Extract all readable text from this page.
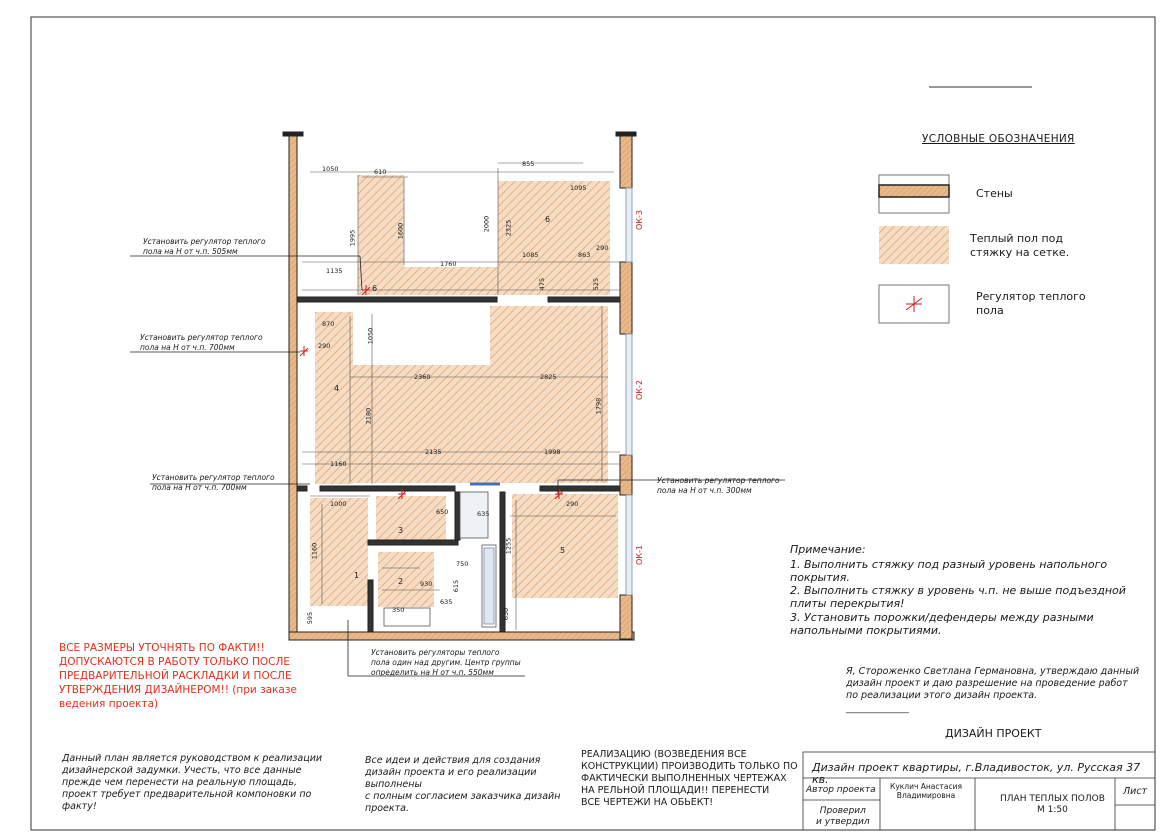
УСЛОВНЫЕ ОБОЗНАЧЕНИЯ
Стены
Теплый пол под
стяжку на сетке.
Регулятор теплого
пола
ОК-3
ОК-2
ОК-1
1050	610
855
1095
1995	1600	2000	2325
1760
1085	863
290
1135
525
475
870
290
1050
2360	2825
1798
2180
1160
2135	1998
1000
650	635
1160
750
930	615
635
1255
630
595
290
350
6
6
4
3
2
1
5
Установить регулятор теплого
пола на Н от ч.п. 505мм
Установить регулятор теплого
пола на Н от ч.п. 700мм
Установить регулятор теплого
пола на Н от ч.п. 700мм
Установить регулятор теплого
пола на Н от ч.п. 300мм
Установить регуляторы теплого
пола один над другим. Центр группы
определить на Н от ч.п. 550мм
Примечание:
1. Выполнить стяжку под разный уровень напольного
покрытия.
2. Выполнить стяжку в уровень ч.п. не выше подъездной
плиты перекрытия!
3. Установить порожки/дефендеры между разными
напольными покрытиями.
Я, Стороженко Светлана Германовна, утверждаю данный
дизайн проект и даю разрешение на проведение работ
по реализации этого дизайн проекта.
______________
ВСЕ РАЗМЕРЫ УТОЧНЯТЬ ПО ФАКТИ!!
ДОПУСКАЮТСЯ В РАБОТУ ТОЛЬКО ПОСЛЕ
ПРЕДВАРИТЕЛЬНОЙ РАСКЛАДКИ И ПОСЛЕ
УТВЕРЖДЕНИЯ ДИЗАЙНЕРОМ!! (при заказе
ведения проекта)
Данный план является руководством к реализации
дизайнерской задумки. Учесть, что все данные
прежде чем перенести на реальную площадь,
проект требует предварительной компоновки по
факту!
Все идеи и действия для создания
дизайн проекта и его реализации
выполнены
с полным согласием заказчика дизайн
проекта.
РЕАЛИЗАЦИЮ (ВОЗВЕДЕНИЯ ВСЕ
КОНСТРУКЦИИ) ПРОИЗВОДИТЬ ТОЛЬКО ПО
ФАКТИЧЕСКИ ВЫПОЛНЕННЫХ ЧЕРТЕЖАХ
НА РЕЛЬНОЙ ПЛОЩАДИ!! ПЕРЕНЕСТИ
ВСЕ ЧЕРТЕЖИ НА ОБЬЕКТ!
ДИЗАЙН ПРОЕКТ
Дизайн проект квартиры, г.Владивосток, ул. Русская 37 кв.
Автор проекта Куклич Анастасия
Владимировна
Проверил
и утвердил
ПЛАН ТЕПЛЫХ ПОЛОВ
М 1:50
Лист
